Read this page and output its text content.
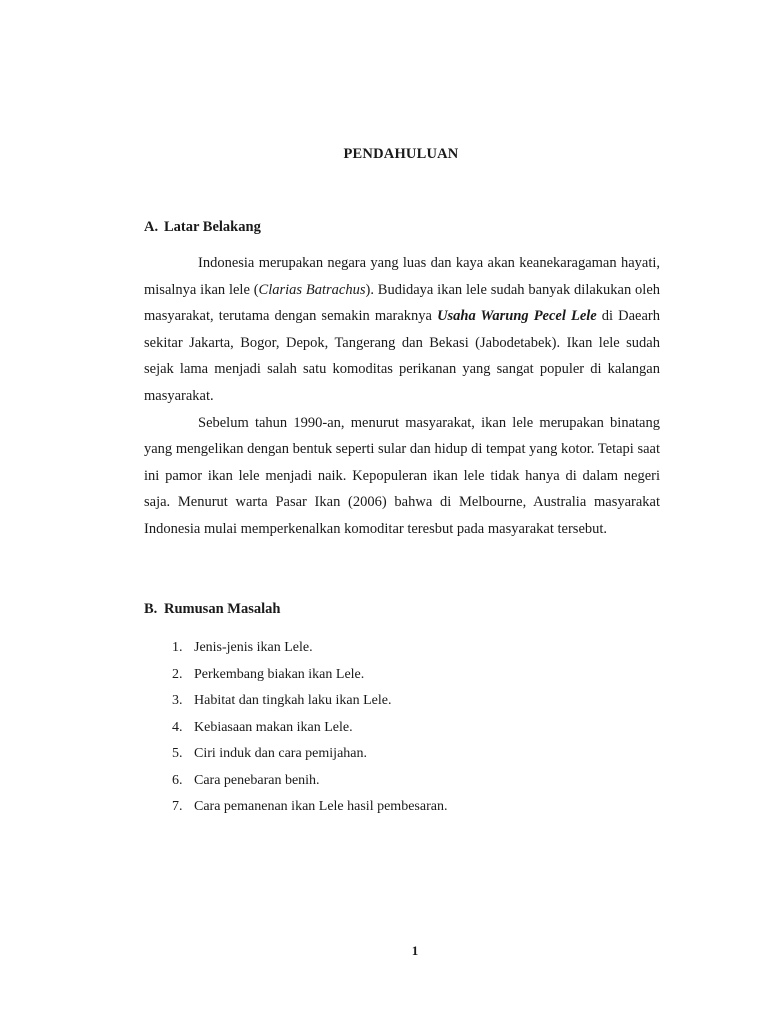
PENDAHULUAN
A. Latar Belakang

Indonesia merupakan negara yang luas dan kaya akan keanekaragaman hayati, misalnya ikan lele (Clarias Batrachus). Budidaya ikan lele sudah banyak dilakukan oleh masyarakat, terutama dengan semakin maraknya Usaha Warung Pecel Lele di Daearh sekitar Jakarta, Bogor, Depok, Tangerang dan Bekasi (Jabodetabek). Ikan lele sudah sejak lama menjadi salah satu komoditas perikanan yang sangat populer di kalangan masyarakat.

Sebelum tahun 1990-an, menurut masyarakat, ikan lele merupakan binatang yang mengelikan dengan bentuk seperti sular dan hidup di tempat yang kotor. Tetapi saat ini pamor ikan lele menjadi naik. Kepopuleran ikan lele tidak hanya di dalam negeri saja. Menurut warta Pasar Ikan (2006) bahwa di Melbourne, Australia masyarakat Indonesia mulai memperkenalkan komoditar teresbut pada masyarakat tersebut.

B. Rumusan Masalah
1. Jenis-jenis ikan Lele.
2. Perkembang biakan ikan Lele.
3. Habitat dan tingkah laku ikan Lele.
4. Kebiasaan makan ikan Lele.
5. Ciri induk dan cara pemijahan.
6. Cara penebaran benih.
7. Cara pemanenan ikan Lele hasil pembesaran.
1
